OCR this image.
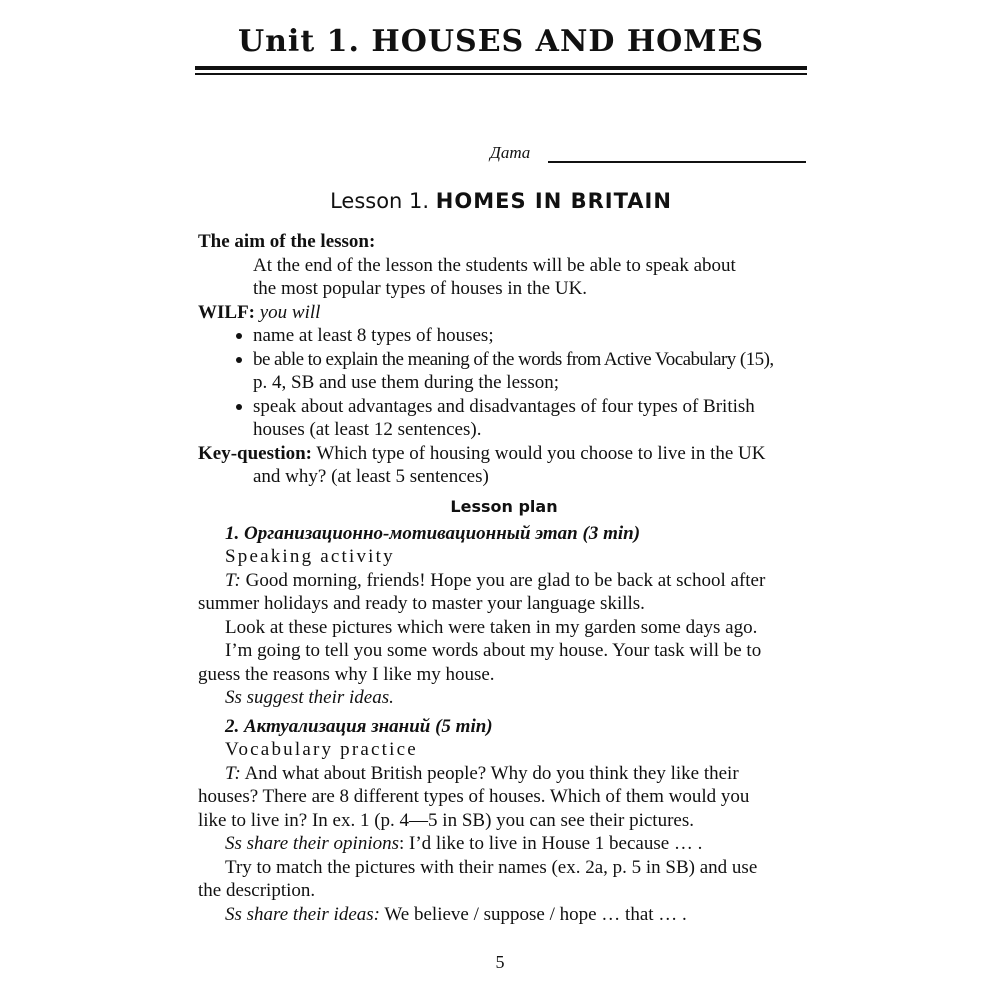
Unit 1. HOUSES AND HOMES
Дата
Lesson 1. HOMES IN BRITAIN
The aim of the lesson:
At the end of the lesson the students will be able to speak about
the most popular types of houses in the UK.
WILF: you will
name at least 8 types of houses;
be able to explain the meaning of the words from Active Vocabulary (15),
p. 4, SB and use them during the lesson;
speak about advantages and disadvantages of four types of British
houses (at least 12 sentences).
Key-question: Which type of housing would you choose to live in the UK
and why? (at least 5 sentences)
Lesson plan
1. Организационно-мотивационный этап (3 min)
Speaking activity
T: Good morning, friends! Hope you are glad to be back at school after
summer holidays and ready to master your language skills.
Look at these pictures which were taken in my garden some days ago.
I’m going to tell you some words about my house. Your task will be to
guess the reasons why I like my house.
Ss suggest their ideas.
2. Актуализация знаний (5 min)
Vocabulary practice
T: And what about British people? Why do you think they like their
houses? There are 8 different types of houses. Which of them would you
like to live in? In ex. 1 (p. 4—5 in SB) you can see their pictures.
Ss share their opinions: I’d like to live in House 1 because … .
Try to match the pictures with their names (ex. 2a, p. 5 in SB) and use
the description.
Ss share their ideas: We believe / suppose / hope … that … .
5
